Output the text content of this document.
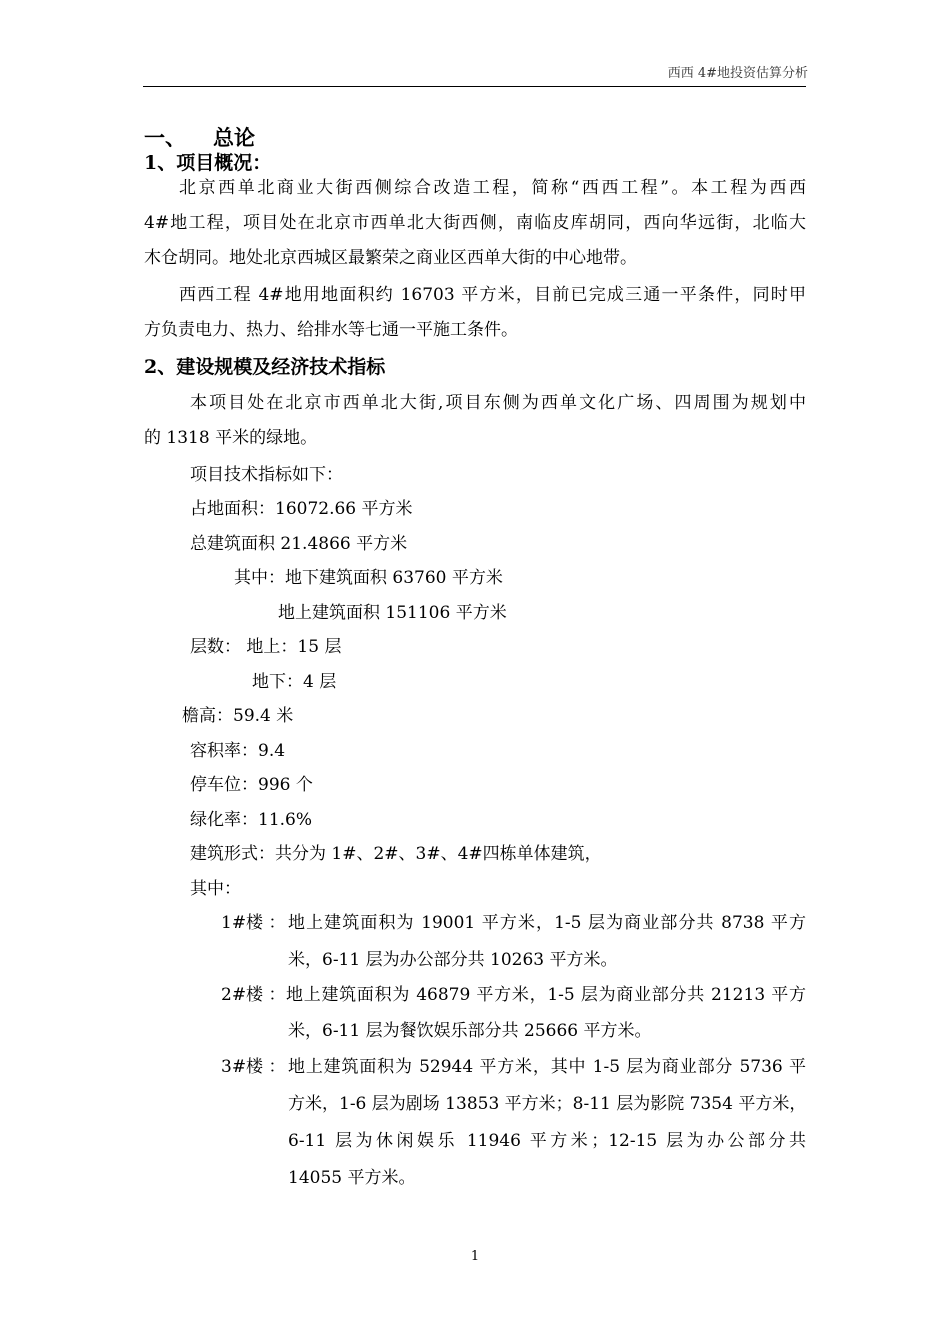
西西 4#地投资估算分析
一、 总论
1、项目概况：
北京西单北商业大街西侧综合改造工程，简称“西西工程”。本工程为西西
4#地工程，项目处在北京市西单北大街西侧，南临皮库胡同，西向华远街，北临大
木仓胡同。地处北京西城区最繁荣之商业区西单大街的中心地带。
西西工程 4#地用地面积约 16703 平方米，目前已完成三通一平条件，同时甲
方负责电力、热力、给排水等七通一平施工条件。
2、建设规模及经济技术指标
本项目处在北京市西单北大街,项目东侧为西单文化广场、四周围为规划中
的 1318 平米的绿地。
项目技术指标如下：
占地面积：16072.66 平方米
总建筑面积 21.4866 平方米
其中：地下建筑面积 63760 平方米
地上建筑面积 151106 平方米
层数： 地上：15 层
地下：4 层
檐高：59.4 米
容积率：9.4
停车位：996 个
绿化率：11.6%
建筑形式：共分为 1#、2#、3#、4#四栋单体建筑，
其中：
1#楼 ： 地上建筑面积为 19001 平方米，1-5 层为商业部分共 8738 平方
米，6-11 层为办公部分共 10263 平方米。
2#楼 ： 地上建筑面积为 46879 平方米，1-5 层为商业部分共 21213 平方
米，6-11 层为餐饮娱乐部分共 25666 平方米。
3#楼 ： 地上建筑面积为 52944 平方米，其中 1-5 层为商业部分 5736 平
方米，1-6 层为剧场 13853 平方米；8-11 层为影院 7354 平方米，
6-11 层为休闲娱乐 11946 平方米；12-15 层为办公部分共
14055 平方米。
1
